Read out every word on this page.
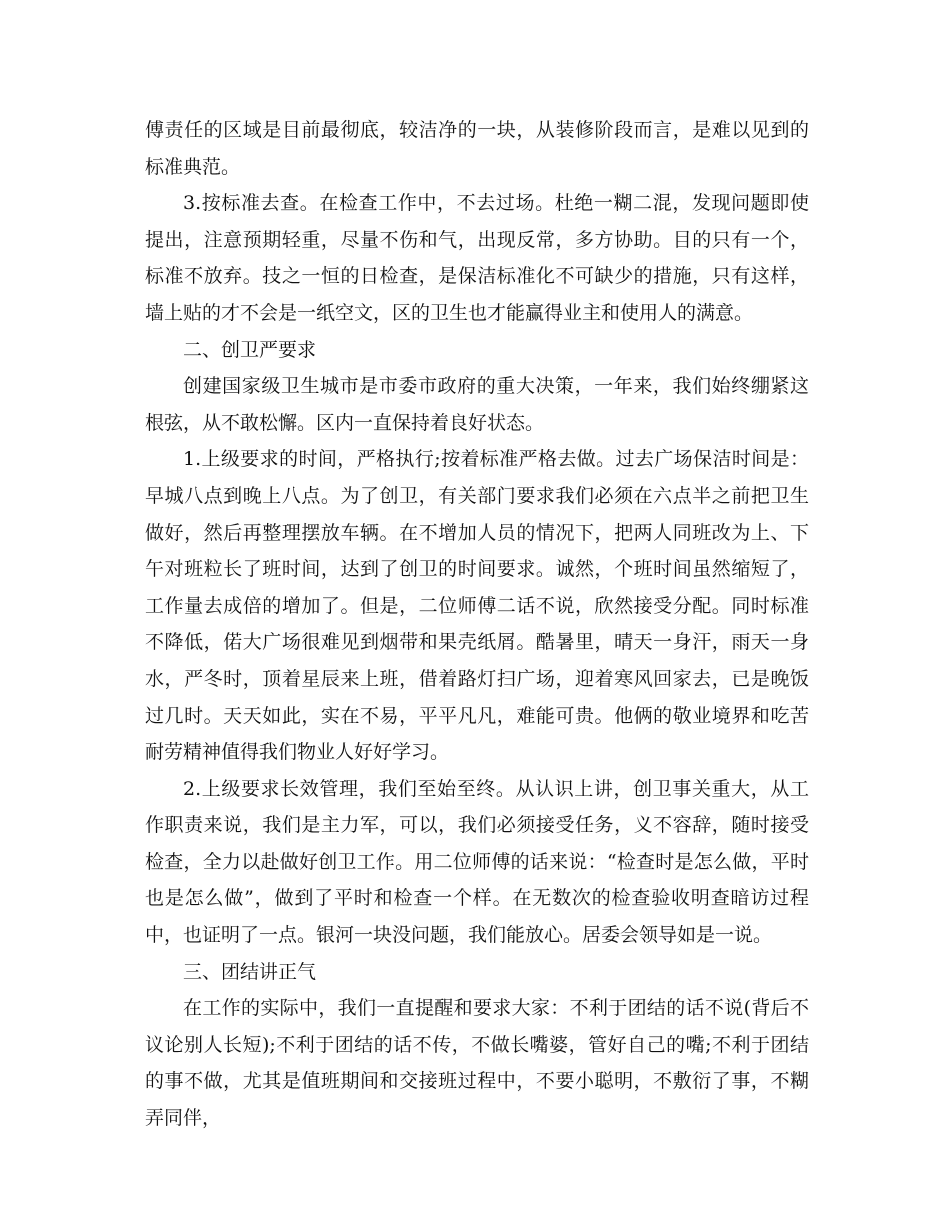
傅责任的区域是目前最彻底，较洁净的一块，从装修阶段而言，是难以见到的标准典范。

3.按标准去查。在检查工作中，不去过场。杜绝一糊二混，发现问题即使提出，注意预期轻重，尽量不伤和气，出现反常，多方协助。目的只有一个，标准不放弃。技之一恒的日检查，是保洁标准化不可缺少的措施，只有这样，墙上贴的才不会是一纸空文，区的卫生也才能赢得业主和使用人的满意。

二、创卫严要求

创建国家级卫生城市是市委市政府的重大决策，一年来，我们始终绷紧这根弦，从不敢松懈。区内一直保持着良好状态。

1.上级要求的时间，严格执行;按着标准严格去做。过去广场保洁时间是：早城八点到晚上八点。为了创卫，有关部门要求我们必须在六点半之前把卫生做好，然后再整理摆放车辆。在不增加人员的情况下，把两人同班改为上、下午对班粒长了班时间，达到了创卫的时间要求。诚然，个班时间虽然缩短了，工作量去成倍的增加了。但是，二位师傅二话不说，欣然接受分配。同时标准不降低，偌大广场很难见到烟带和果壳纸屑。酷暑里，晴天一身汗，雨天一身水，严冬时，顶着星辰来上班，借着路灯扫广场，迎着寒风回家去，已是晚饭过几时。天天如此，实在不易，平平凡凡，难能可贵。他俩的敬业境界和吃苦耐劳精神值得我们物业人好好学习。

2.上级要求长效管理，我们至始至终。从认识上讲，创卫事关重大，从工作职责来说，我们是主力军，可以，我们必须接受任务，义不容辞，随时接受检查，全力以赴做好创卫工作。用二位师傅的话来说：“检查时是怎么做，平时也是怎么做”，做到了平时和检查一个样。在无数次的检查验收明查暗访过程中，也证明了一点。银河一块没问题，我们能放心。居委会领导如是一说。

三、团结讲正气

在工作的实际中，我们一直提醒和要求大家：不利于团结的话不说(背后不议论别人长短);不利于团结的话不传，不做长嘴婆，管好自己的嘴;不利于团结的事不做，尤其是值班期间和交接班过程中，不要小聪明，不敷衍了事，不糊弄同伴，
